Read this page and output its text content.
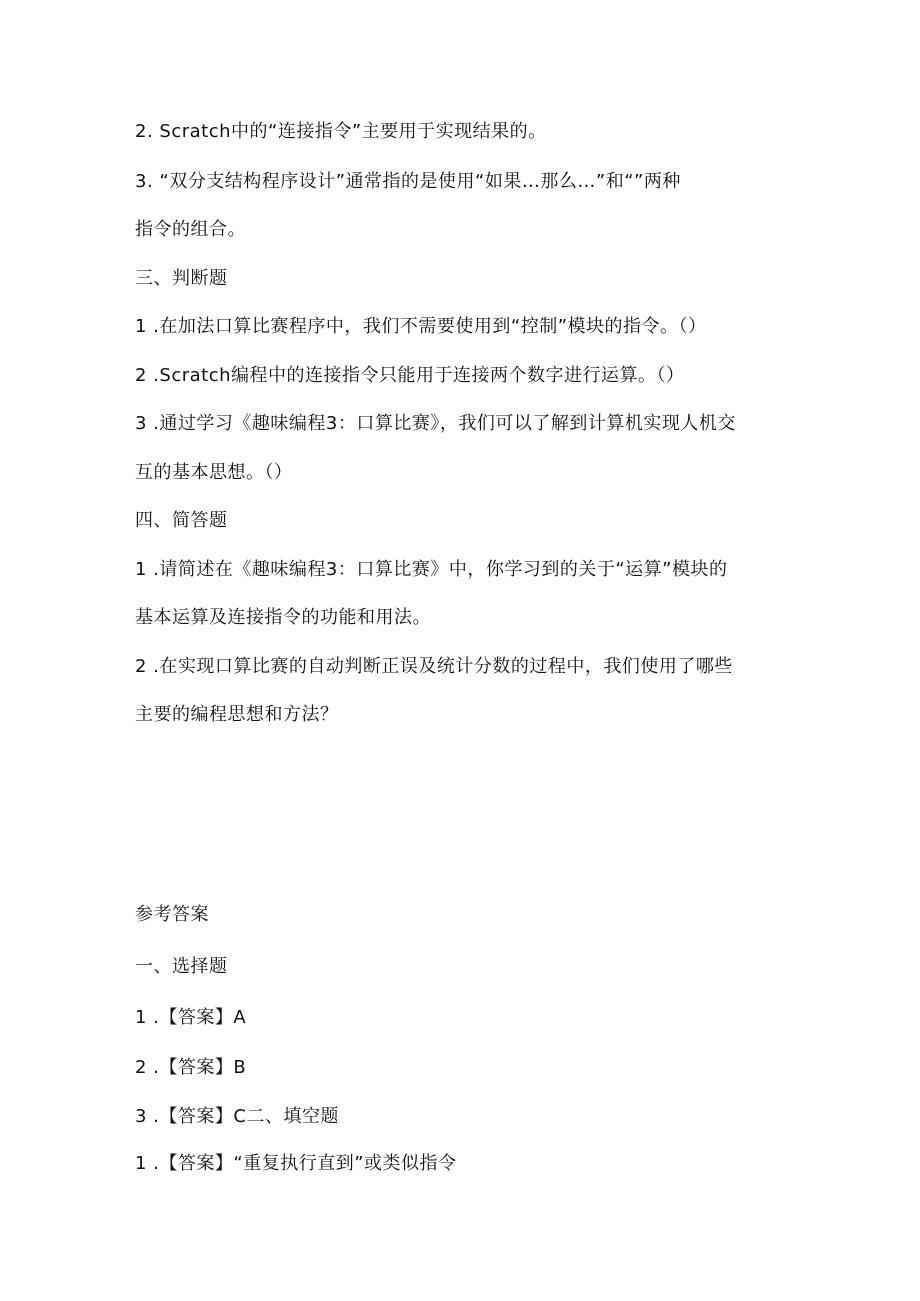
2. Scratch中的“连接指令”主要用于实现结果的。
3. “双分支结构程序设计”通常指的是使用“如果…那么…”和“”两种
指令的组合。
三、判断题
1 .在加法口算比赛程序中，我们不需要使用到“控制”模块的指令。（）
2 .Scratch编程中的连接指令只能用于连接两个数字进行运算。（）
3 .通过学习《趣味编程3：口算比赛》，我们可以了解到计算机实现人机交
互的基本思想。（）
四、简答题
1 .请简述在《趣味编程3：口算比赛》中，你学习到的关于“运算”模块的
基本运算及连接指令的功能和用法。
2 .在实现口算比赛的自动判断正误及统计分数的过程中，我们使用了哪些
主要的编程思想和方法？
参考答案
一、选择题
1 .【答案】A
2 .【答案】B
3 .【答案】C二、填空题
1 .【答案】“重复执行直到”或类似指令
